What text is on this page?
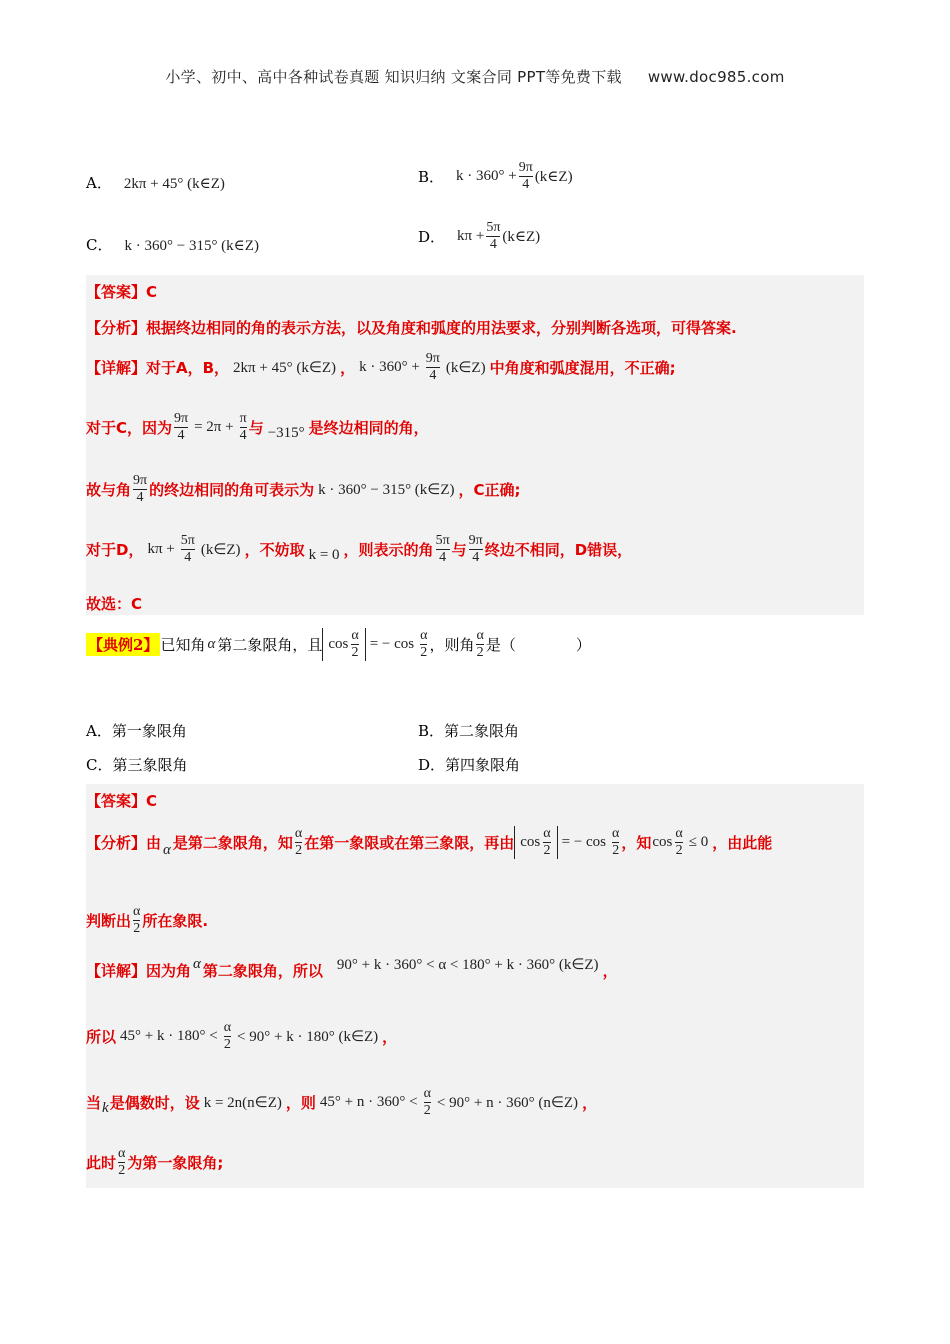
小学、初中、高中各种试卷真题 知识归纳 文案合同 PPT等免费下载 www.doc985.com
A． 2kπ + 45° (k∈Z)	B． $k \cdot 360^\circ + \frac{9\pi}{4}$ (k∈Z)
C． k · 360° − 315° (k∈Z)	D． $k\pi + \frac{5\pi}{4}$ (k∈Z)
【答案】C
【分析】根据终边相同的角的表示方法，以及角度和弧度的用法要求，分别判断各选项，可得答案.
【详解】对于A，B， 2kπ + 45° (k∈Z) ， $k \cdot 360^\circ + \frac{9\pi}{4}$ (k∈Z) 中角度和弧度混用，不正确;
对于C，因为 $\frac{9\pi}{4} = 2\pi + \frac{\pi}{4}$ 与 −315° 是终边相同的角，
故与角 $\frac{9\pi}{4}$ 的终边相同的角可表示为 k · 360° − 315° (k∈Z) ，C正确;
对于D， $k\pi + \frac{5\pi}{4}$ (k∈Z) ，不妨取 k = 0 ，则表示的角 $\frac{5\pi}{4}$ 与 $\frac{9\pi}{4}$ 终边不相同，D错误，
故选：C
【典例2】 已知角 α 第二象限角，且 $\cos \frac{\alpha}{2}$ = − $\cos \frac{\alpha}{2}$ ，则角 $\frac{\alpha}{2}$ 是（　　　　）
A．第一象限角	B．第二象限角
C．第三象限角	D．第四象限角
【答案】C
【分析】由 α 是第二象限角，知 $\frac{\alpha}{2}$ 在第一象限或在第三象限，再由 $\cos \frac{\alpha}{2}$ = − $\cos \frac{\alpha}{2}$ ，知 $\cos \frac{\alpha}{2} \le 0$ ，由此能
判断出 $\frac{\alpha}{2}$ 所在象限.
【详解】因为角 α 第二象限角，所以 90° + k · 360° < α < 180° + k · 360° (k∈Z) ，
所以 $45^\circ + k \cdot 180^\circ < \frac{\alpha}{2} < 90^\circ + k \cdot 180^\circ$ (k∈Z) ，
当 k 是偶数时，设 k = 2n(n∈Z) ，则 $45^\circ + n \cdot 360^\circ < \frac{\alpha}{2} < 90^\circ + n \cdot 360^\circ$ (n∈Z) ，
此时 $\frac{\alpha}{2}$ 为第一象限角;
